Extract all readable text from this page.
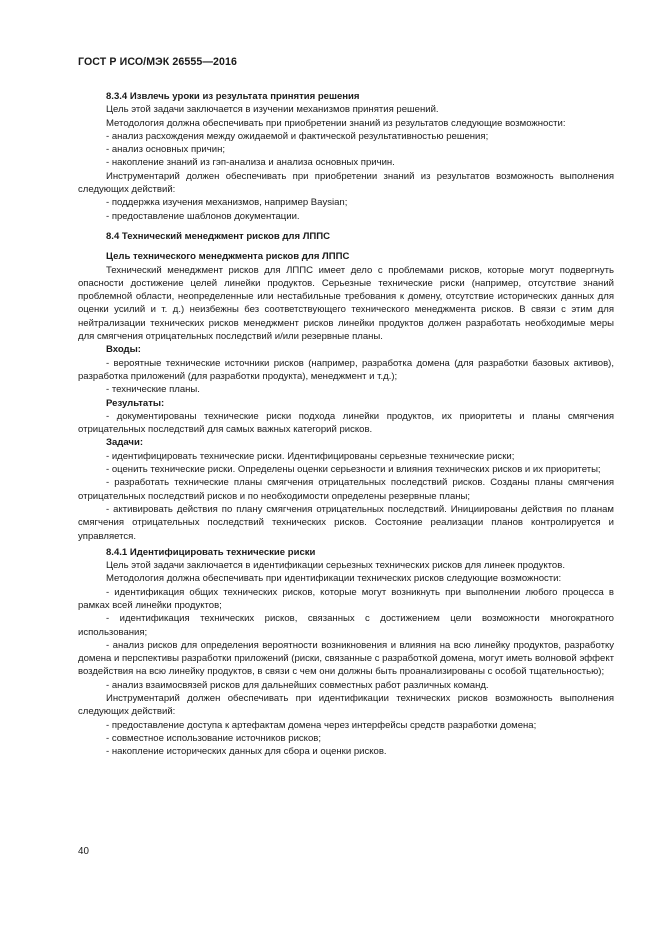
ГОСТ Р ИСО/МЭК 26555—2016

8.3.4 Извлечь уроки из результата принятия решения

Цель этой задачи заключается в изучении механизмов принятия решений.

Методология должна обеспечивать при приобретении знаний из результатов следующие возможности:

- анализ расхождения между ожидаемой и фактической результативностью решения;

- анализ основных причин;

- накопление знаний из гэп-анализа и анализа основных причин.

Инструментарий должен обеспечивать при приобретении знаний из результатов возможность выполнения следующих действий:

- поддержка изучения механизмов, например Baysian;

- предоставление шаблонов документации.

8.4 Технический менеджмент рисков для ЛППС

Цель технического менеджмента рисков для ЛППС

Технический менеджмент рисков для ЛППС имеет дело с проблемами рисков, которые могут подвергнуть опасности достижение целей линейки продуктов. Серьезные технические риски (например, отсутствие знаний проблемной области, неопределенные или нестабильные требования к домену, отсутствие исторических данных для оценки усилий и т. д.) неизбежны без соответствующего технического менеджмента рисков. В связи с этим для нейтрализации технических рисков менеджмент рисков линейки продуктов должен разработать необходимые меры для смягчения отрицательных последствий и/или резервные планы.

Входы:

- вероятные технические источники рисков (например, разработка домена (для разработки базовых активов), разработка приложений (для разработки продукта), менеджмент и т.д.);

- технические планы.

Результаты:

- документированы технические риски подхода линейки продуктов, их приоритеты и планы смягчения отрицательных последствий для самых важных категорий рисков.

Задачи:

- идентифицировать технические риски. Идентифицированы серьезные технические риски;

- оценить технические риски. Определены оценки серьезности и влияния технических рисков и их приоритеты;

- разработать технические планы смягчения отрицательных последствий рисков. Созданы планы смягчения отрицательных последствий рисков и по необходимости определены резервные планы;

- активировать действия по плану смягчения отрицательных последствий. Инициированы действия по планам смягчения отрицательных последствий технических рисков. Состояние реализации планов контролируется и управляется.

8.4.1 Идентифицировать технические риски

Цель этой задачи заключается в идентификации серьезных технических рисков для линеек продуктов.

Методология должна обеспечивать при идентификации технических рисков следующие возможности:

- идентификация общих технических рисков, которые могут возникнуть при выполнении любого процесса в рамках всей линейки продуктов;

- идентификация технических рисков, связанных с достижением цели возможности многократного использования;

- анализ рисков для определения вероятности возникновения и влияния на всю линейку продуктов, разработку домена и перспективы разработки приложений (риски, связанные с разработкой домена, могут иметь волновой эффект воздействия на всю линейку продуктов, в связи с чем они должны быть проанализированы с особой тщательностью);

- анализ взаимосвязей рисков для дальнейших совместных работ различных команд.

Инструментарий должен обеспечивать при идентификации технических рисков возможность выполнения следующих действий:

- предоставление доступа к артефактам домена через интерфейсы средств разработки домена;

- совместное использование источников рисков;

- накопление исторических данных для сбора и оценки рисков.

40
